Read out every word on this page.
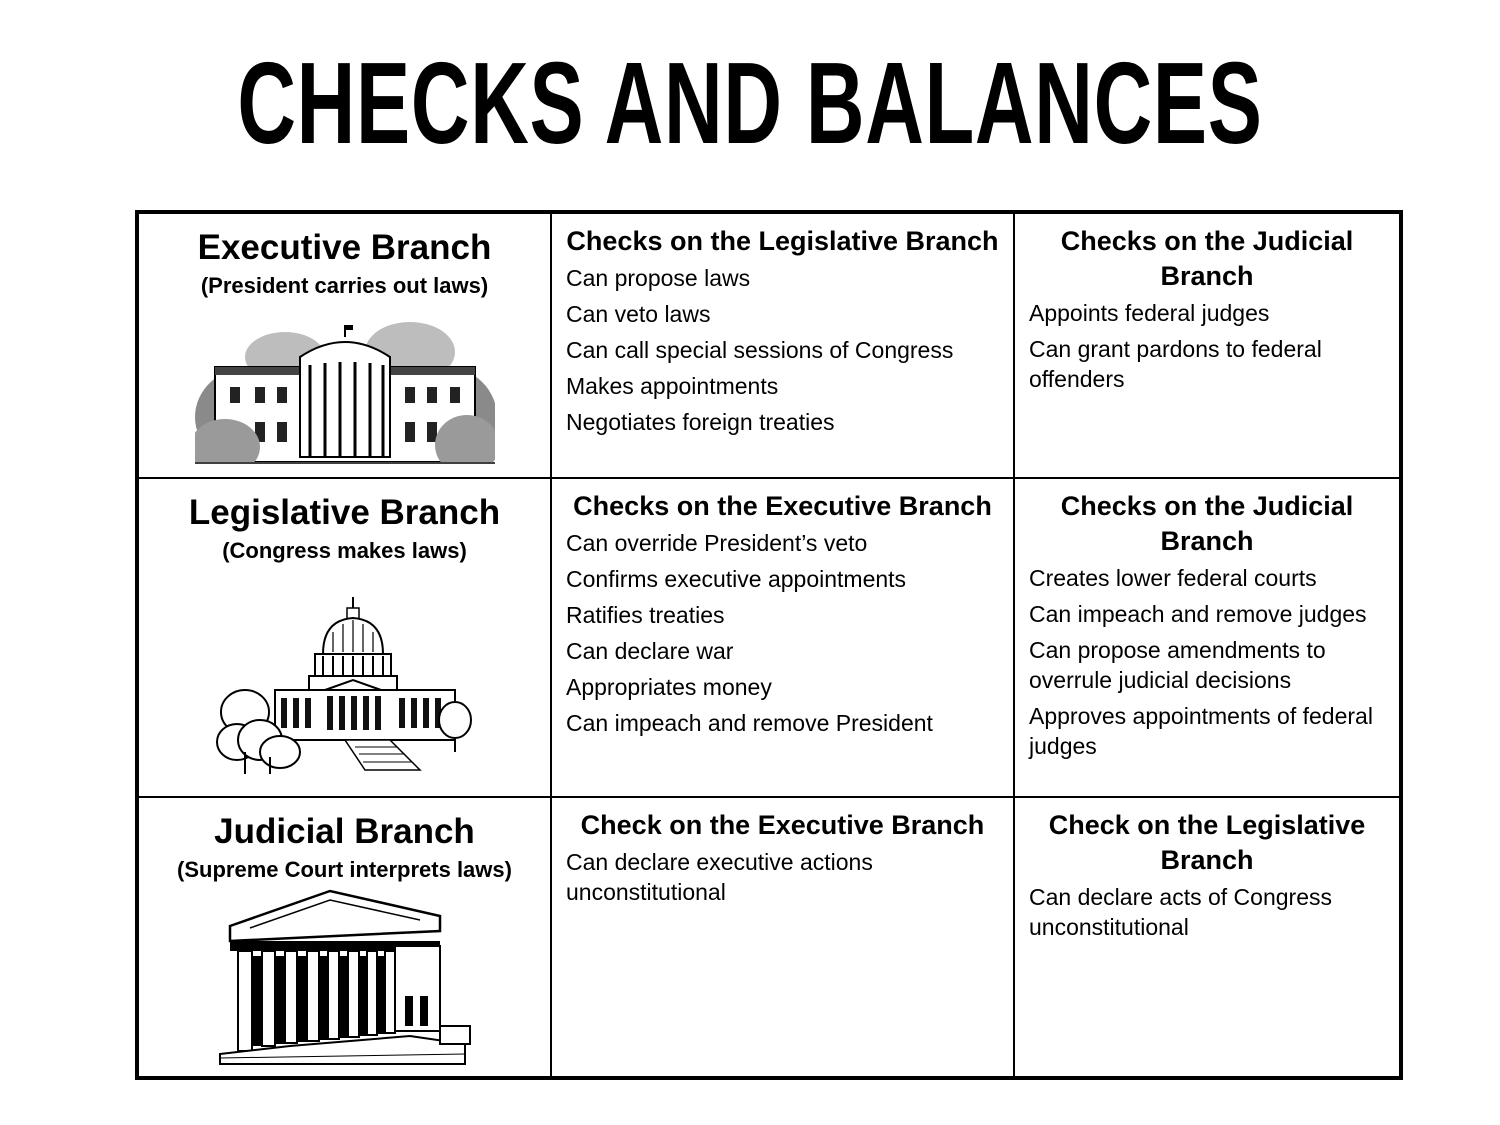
CHECKS AND BALANCES
Executive Branch
(President carries out laws)
Checks on the Legislative Branch
Can propose laws
Can veto laws
Can call special sessions of Congress
Makes appointments
Negotiates foreign treaties
Checks on the Judicial Branch
Appoints federal judges
Can grant pardons to federal offenders
Legislative Branch
(Congress makes laws)
Checks on the Executive Branch
Can override President’s veto
Confirms executive appointments
Ratifies treaties
Can declare war
Appropriates money
Can impeach and remove President
Checks on the Judicial Branch
Creates lower federal courts
Can impeach and remove judges
Can propose amendments to overrule judicial decisions
Approves appointments of federal judges
Judicial Branch
(Supreme Court interprets laws)
Check on the Executive Branch
Can declare executive actions unconstitutional
Check on the Legislative Branch
Can declare acts of Congress unconstitutional
